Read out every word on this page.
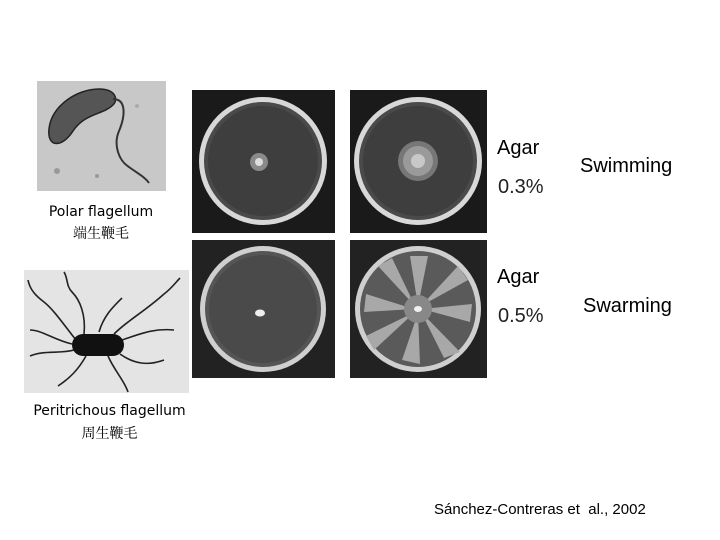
Polar flagellum
端生鞭毛
Peritrichous flagellum
周生鞭毛
Agar
0.3%
Swimming
Agar
0.5% Swarming
Sánchez-Contreras et  al., 2002
